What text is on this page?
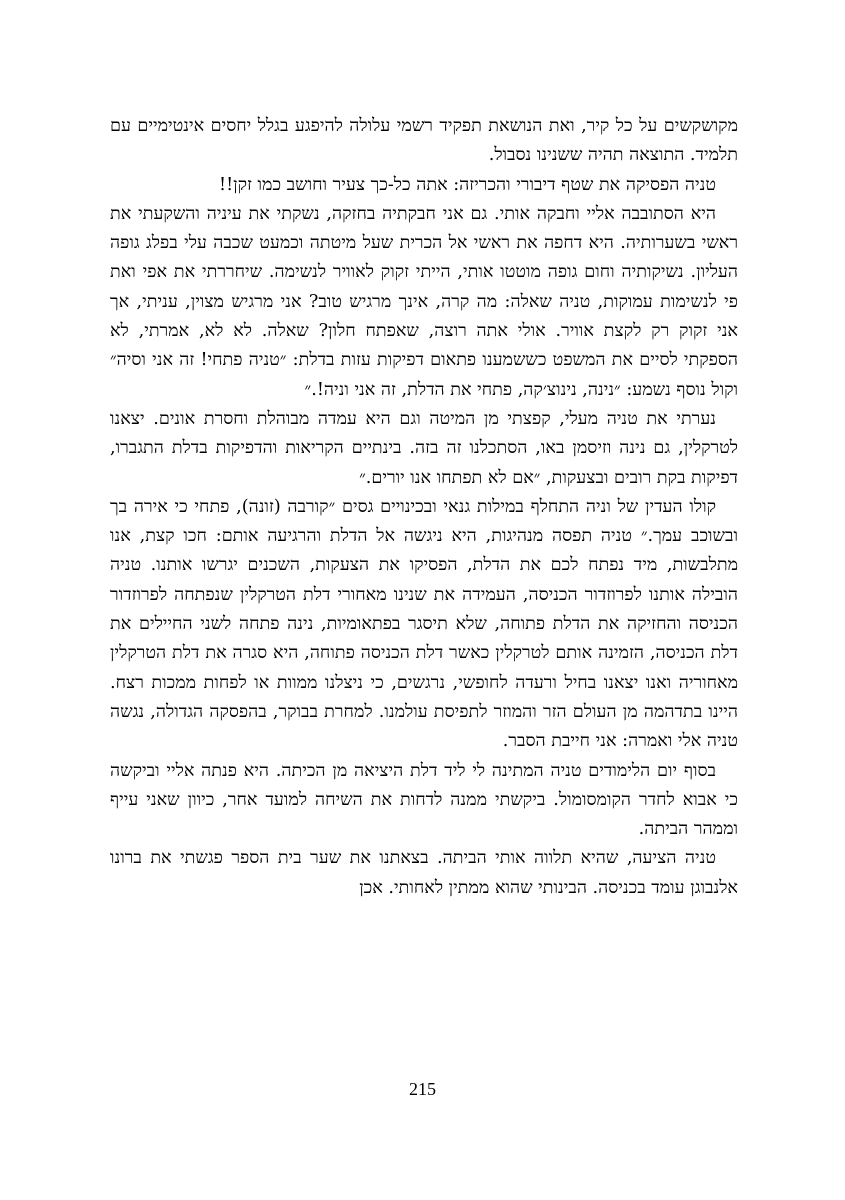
מקושקשים על כל קיר, ואת הנושאת תפקיד רשמי עלולה להיפגע בגלל יחסים אינטימיים עם תלמיד. התוצאה תהיה ששנינו נסבול.

טניה הפסיקה את שטף דיבורי והכריזה: אתה כל-כך צעיר וחושב כמו זקן!!

היא הסתובבה אליי וחבקה אותי. גם אני חבקתיה בחזקה, נשקתי את עיניה והשקעתי את ראשי בשערותיה. היא דחפה את ראשי אל הכרית שעל מיטתה וכמעט שכבה עלי בפלג גופה העליון. נשיקותיה וחום גופה מוטטו אותי, הייתי זקוק לאוויר לנשימה. שיחררתי את אפי ואת פי לנשימות עמוקות, טניה שאלה: מה קרה, אינך מרגיש טוב? אני מרגיש מצוין, עניתי, אך אני זקוק רק לקצת אוויר. אולי אתה רוצה, שאפתח חלון? שאלה. לא לא, אמרתי, לא הספקתי לסיים את המשפט כששמענו פתאום דפיקות עזות בדלת: ״טניה פתחי! זה אני וסיה״ וקול נוסף נשמע: ״נינה, נינוצ׳קה, פתחי את הדלת, זה אני וניה!.״

נערתי את טניה מעלי, קפצתי מן המיטה וגם היא עמדה מבוהלת וחסרת אונים. יצאנו לטרקלין, גם נינה וזיסמן באו, הסתכלנו זה בזה. בינתיים הקריאות והדפיקות בדלת התגברו, דפיקות בקת רובים ובצעקות, ״אם לא תפתחו אנו יורים.״

קולו העדין של וניה התחלף במילות גנאי ובכינויים גסים ״קורבה (זונה), פתחי כי אירה בך ובשוכב עמך.״ טניה תפסה מנהיגות, היא ניגשה אל הדלת והרגיעה אותם: חכו קצת, אנו מתלבשות, מיד נפתח לכם את הדלת, הפסיקו את הצעקות, השכנים יגרשו אותנו. טניה הובילה אותנו לפרוזדור הכניסה, העמידה את שנינו מאחורי דלת הטרקלין שנפתחה לפרוזדור הכניסה והחזיקה את הדלת פתוחה, שלא תיסגר בפתאומיות, נינה פתחה לשני החיילים את דלת הכניסה, הזמינה אותם לטרקלין כאשר דלת הכניסה פתוחה, היא סגרה את דלת הטרקלין מאחוריה ואנו יצאנו בחיל ורעדה לחופשי, נרגשים, כי ניצלנו ממוות או לפחות ממכות רצח. היינו בתדהמה מן העולם הזר והמוזר לתפיסת עולמנו. למחרת בבוקר, בהפסקה הגדולה, נגשה טניה אלי ואמרה: אני חייבת הסבר.

בסוף יום הלימודים טניה המתינה לי ליד דלת היציאה מן הכיתה. היא פנתה אליי וביקשה כי אבוא לחדר הקומסומול. ביקשתי ממנה לדחות את השיחה למועד אחר, כיוון שאני עייף וממהר הביתה.

טניה הציעה, שהיא תלווה אותי הביתה. בצאתנו את שער בית הספר פגשתי את ברונו אלנבוגן עומד בכניסה. הבינותי שהוא ממתין לאחותי. אכן

215
